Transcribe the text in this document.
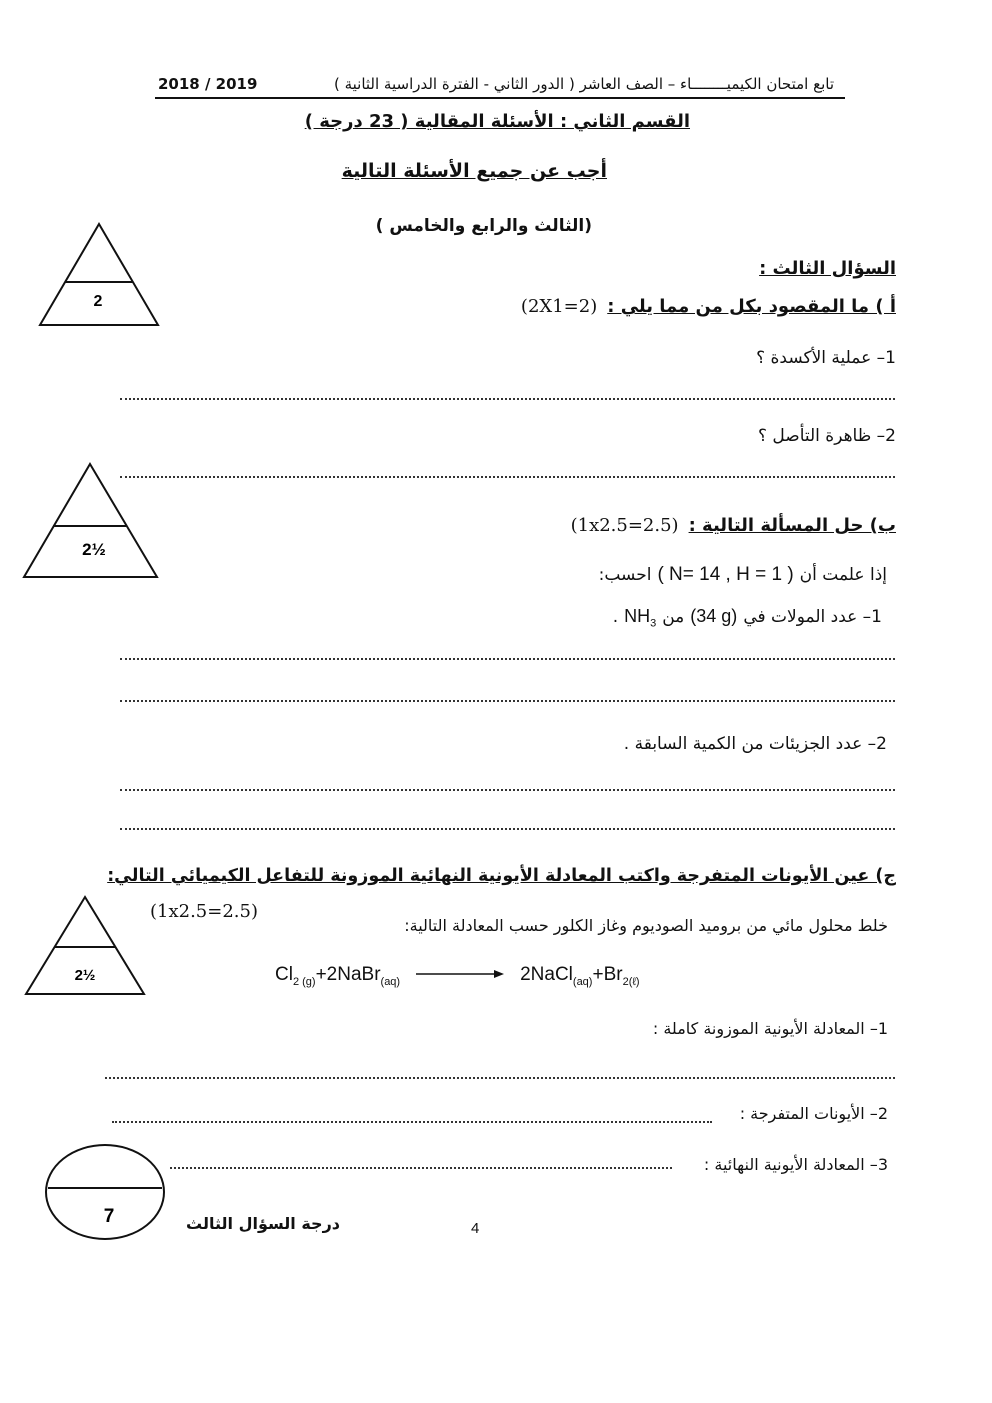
تابع امتحان الكيميــــــــاء – الصف العاشر ( الدور الثاني - الفترة الدراسية الثانية )
2018 / 2019
القسم الثاني : الأسئلة المقالية ( 23 درجة )
أجب عن جميع الأسئلة التالية
(الثالث والرابع والخامس )
2
السؤال الثالث :
أ ) ما المقصود بكل من مما يلي :
(2X1=2)
1– عملية الأكسدة ؟
2– ظاهرة التأصل ؟
2½
ب) حل المسألة التالية :
(1x2.5=2.5)
إذا علمت أن
( N= 14 , H = 1 )
احسب:
1– عدد المولات في
(34 g)
من
$NH_3$
.
2– عدد الجزيئات من الكمية السابقة .
ج) عين الأيونات المتفرجة واكتب المعادلة الأيونية النهائية الموزونة للتفاعل الكيميائي التالي:
2½
(1x2.5=2.5)
خلط محلول مائي من بروميد الصوديوم وغاز الكلور حسب المعادلة التالية:
$Cl_{2 (g)}$ +2NaBr$_{(aq)}$	2NaCl$_{(aq)}$ $+Br_{2(\ell)}$
1– المعادلة الأيونية الموزونة كاملة :
2– الأيونات المتفرجة :
3– المعادلة الأيونية النهائية :
7	درجة السؤال الثالث	4
